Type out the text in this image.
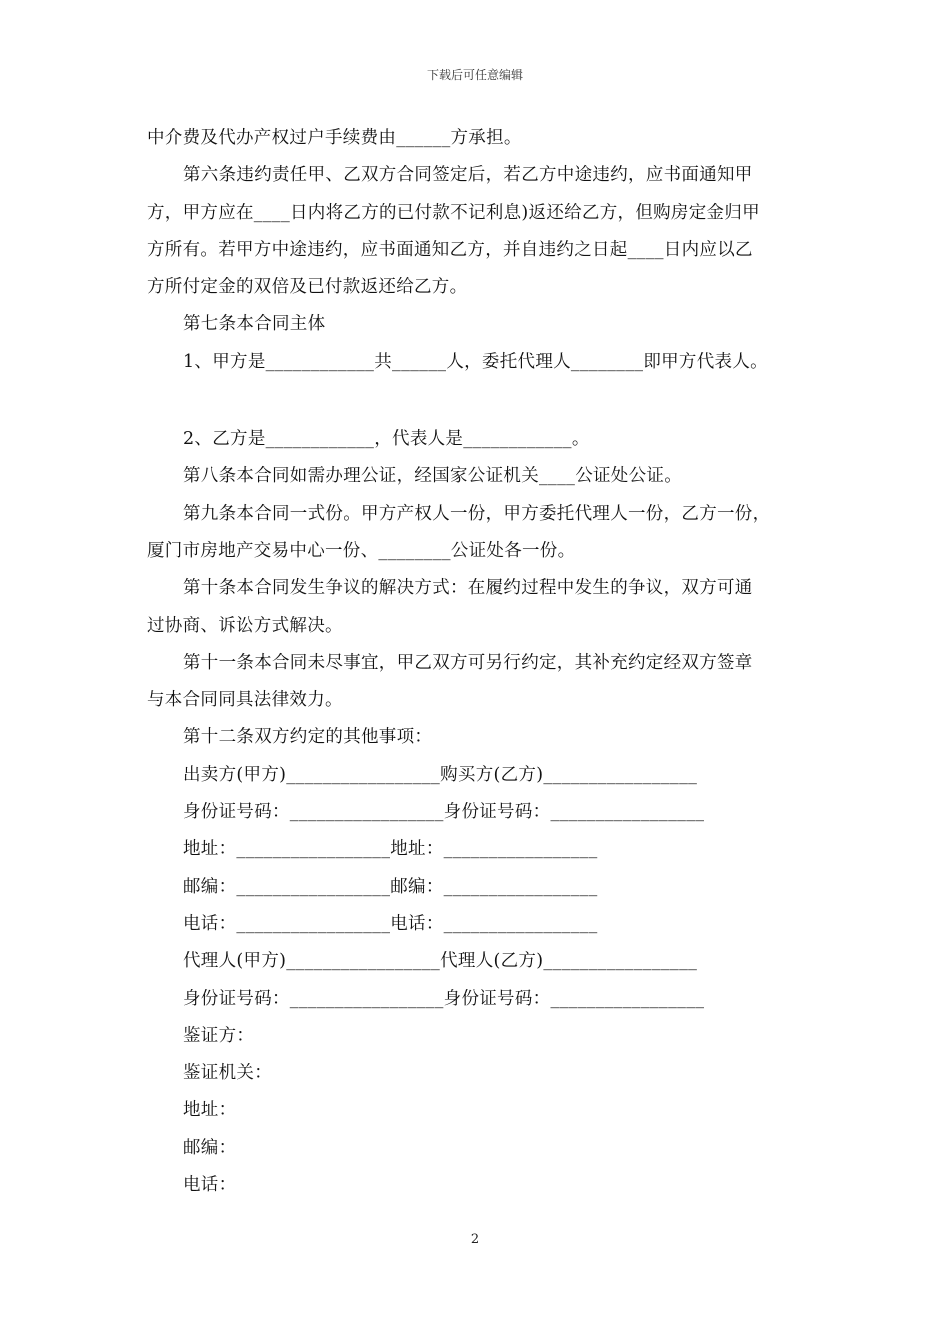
下载后可任意编辑
中介费及代办产权过户手续费由______方承担。
第六条违约责任甲、乙双方合同签定后，若乙方中途违约，应书面通知甲
方，甲方应在____日内将乙方的已付款不记利息)返还给乙方，但购房定金归甲
方所有。若甲方中途违约，应书面通知乙方，并自违约之日起____日内应以乙
方所付定金的双倍及已付款返还给乙方。
第七条本合同主体
1、甲方是____________共______人，委托代理人________即甲方代表人。
2、乙方是____________，代表人是____________。
第八条本合同如需办理公证，经国家公证机关____公证处公证。
第九条本合同一式份。甲方产权人一份，甲方委托代理人一份，乙方一份，
厦门市房地产交易中心一份、________公证处各一份。
第十条本合同发生争议的解决方式：在履约过程中发生的争议，双方可通
过协商、诉讼方式解决。
第十一条本合同未尽事宜，甲乙双方可另行约定，其补充约定经双方签章
与本合同同具法律效力。
第十二条双方约定的其他事项：
出卖方(甲方)_________________购买方(乙方)_________________
身份证号码：_________________身份证号码：_________________
地址：_________________地址：_________________
邮编：_________________邮编：_________________
电话：_________________电话：_________________
代理人(甲方)_________________代理人(乙方)_________________
身份证号码：_________________身份证号码：_________________
鉴证方：
鉴证机关：
地址：
邮编：
电话：
2
